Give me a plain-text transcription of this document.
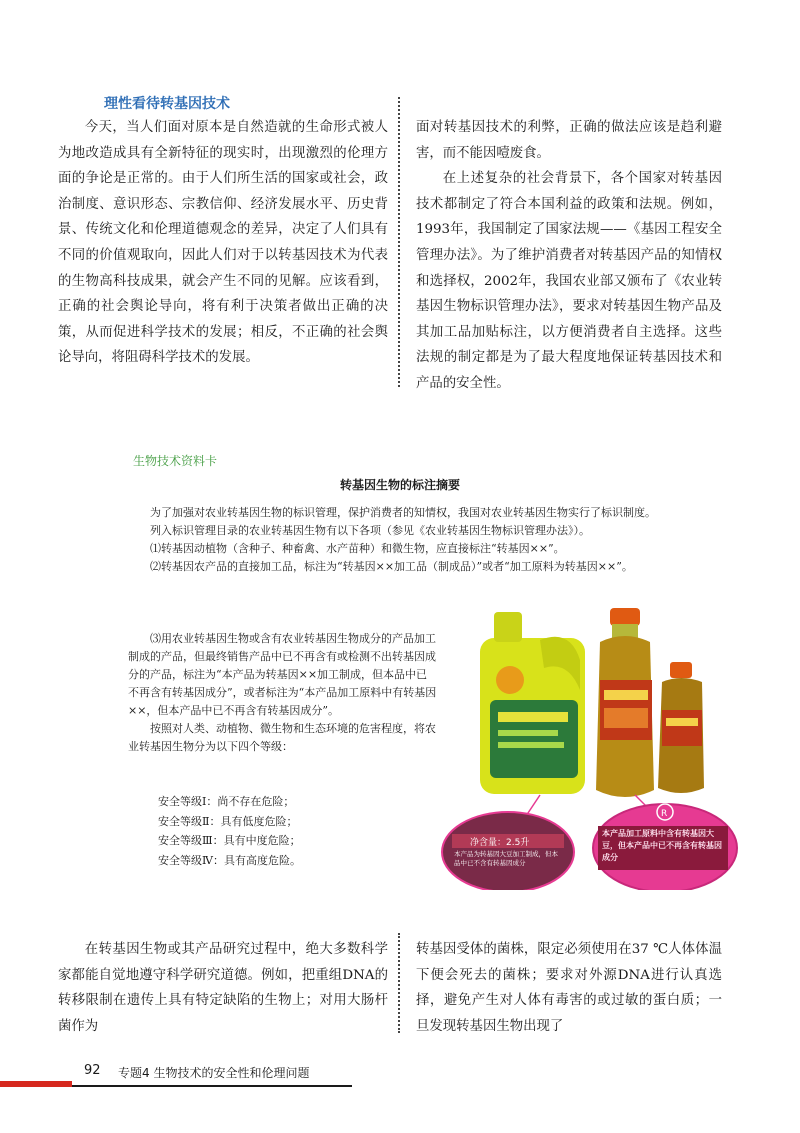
理性看待转基因技术

今天，当人们面对原本是自然造就的生命形式被人为地改造成具有全新特征的现实时，出现激烈的伦理方面的争论是正常的。由于人们所生活的国家或社会，政治制度、意识形态、宗教信仰、经济发展水平、历史背景、传统文化和伦理道德观念的差异，决定了人们具有不同的价值观取向，因此人们对于以转基因技术为代表的生物高科技成果，就会产生不同的见解。应该看到，正确的社会舆论导向，将有利于决策者做出正确的决策，从而促进科学技术的发展；相反，不正确的社会舆论导向，将阻碍科学技术的发展。

面对转基因技术的利弊，正确的做法应该是趋利避害，而不能因噎废食。

在上述复杂的社会背景下，各个国家对转基因技术都制定了符合本国利益的政策和法规。例如，1993年，我国制定了国家法规——《基因工程安全管理办法》。为了维护消费者对转基因产品的知情权和选择权，2002年，我国农业部又颁布了《农业转基因生物标识管理办法》，要求对转基因生物产品及其加工品加贴标注，以方便消费者自主选择。这些法规的制定都是为了最大程度地保证转基因技术和产品的安全性。

生物技术资料卡
转基因生物的标注摘要

为了加强对农业转基因生物的标识管理，保护消费者的知情权，我国对农业转基因生物实行了标识制度。

列入标识管理目录的农业转基因生物有以下各项（参见《农业转基因生物标识管理办法》）。

⑴转基因动植物（含种子、种畜禽、水产苗种）和微生物，应直接标注“转基因××”。

⑵转基因农产品的直接加工品，标注为“转基因××加工品（制成品）”或者“加工原料为转基因××”。

⑶用农业转基因生物或含有农业转基因生物成分的产品加工制成的产品，但最终销售产品中已不再含有或检测不出转基因成分的产品，标注为“本产品为转基因××加工制成，但本品中已不再含有转基因成分”，或者标注为“本产品加工原料中有转基因××，但本产品中已不再含有转基因成分”。

按照对人类、动植物、微生物和生态环境的危害程度，将农业转基因生物分为以下四个等级：

安全等级Ⅰ：尚不存在危险；
安全等级Ⅱ：具有低度危险；
安全等级Ⅲ：具有中度危险；
安全等级Ⅳ：具有高度危险。
净含量：2.5升
本产品为转基因大豆加工制成，但本品中已不含有转基因成分
R
本产品加工原料中含有转基因大豆，但本产品中已不再含有转基因成分

在转基因生物或其产品研究过程中，绝大多数科学家都能自觉地遵守科学研究道德。例如，把重组DNA的转移限制在遗传上具有特定缺陷的生物上；对用大肠杆菌作为

转基因受体的菌株，限定必须使用在37 ℃人体体温下便会死去的菌株；要求对外源DNA进行认真选择，避免产生对人体有毒害的或过敏的蛋白质；一旦发现转基因生物出现了

92 专题4 生物技术的安全性和伦理问题
